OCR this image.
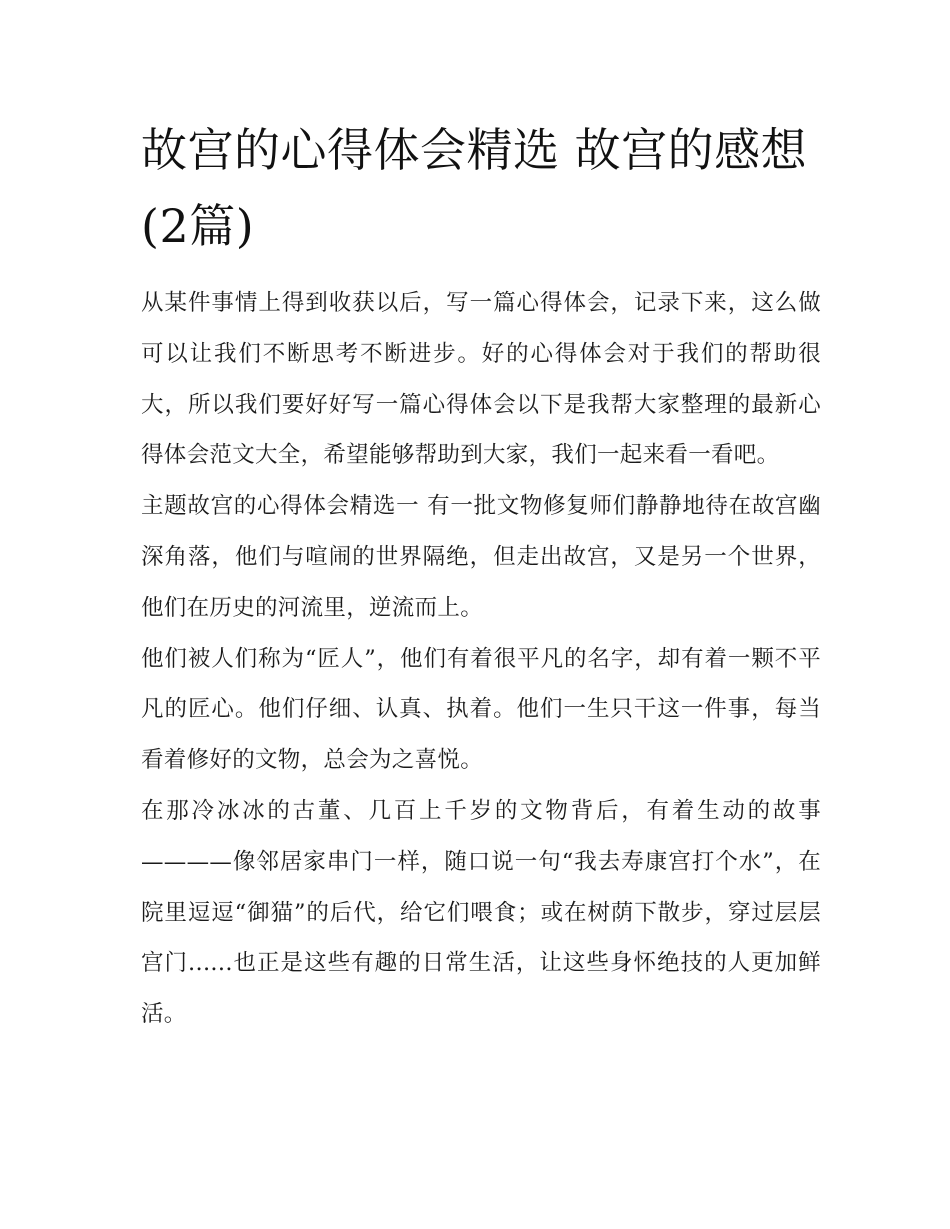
故宫的心得体会精选 故宫的感想(2篇)

从某件事情上得到收获以后，写一篇心得体会，记录下来，这么做可以让我们不断思考不断进步。好的心得体会对于我们的帮助很大，所以我们要好好写一篇心得体会以下是我帮大家整理的最新心得体会范文大全，希望能够帮助到大家，我们一起来看一看吧。

主题故宫的心得体会精选一 有一批文物修复师们静静地待在故宫幽深角落，他们与喧闹的世界隔绝，但走出故宫，又是另一个世界，他们在历史的河流里，逆流而上。

他们被人们称为“匠人”，他们有着很平凡的名字，却有着一颗不平凡的匠心。他们仔细、认真、执着。他们一生只干这一件事，每当看着修好的文物，总会为之喜悦。

在那冷冰冰的古董、几百上千岁的文物背后，有着生动的故事————像邻居家串门一样，随口说一句“我去寿康宫打个水”，在院里逗逗“御猫”的后代，给它们喂食；或在树荫下散步，穿过层层宫门......也正是这些有趣的日常生活，让这些身怀绝技的人更加鲜活。
